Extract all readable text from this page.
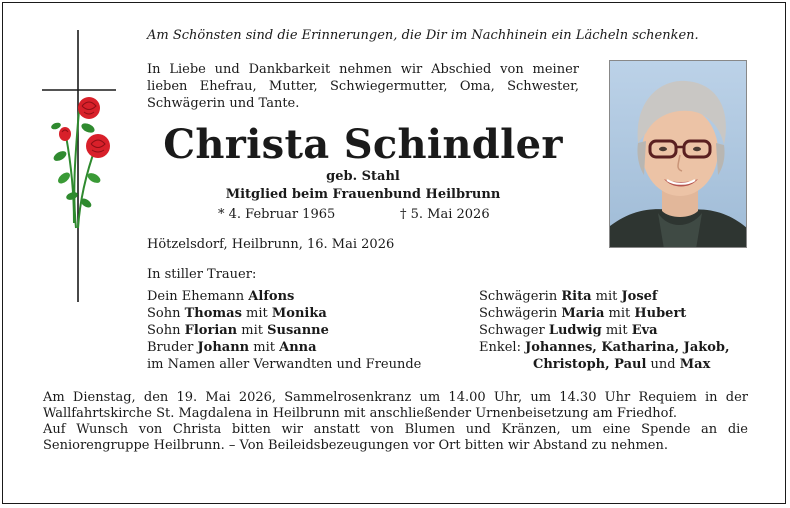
Am Schönsten sind die Erinnerungen, die Dir im Nachhinein ein Lächeln schenken.
In Liebe und Dankbarkeit nehmen wir Abschied von meiner lieben Ehefrau, Mutter, Schwiegermutter, Oma, Schwester, Schwägerin und Tante.
Christa Schindler
geb. Stahl
Mitglied beim Frauenbund Heilbrunn
* 4. Februar 1965	† 5. Mai 2026
Hötzelsdorf, Heilbrunn, 16. Mai 2026
In stiller Trauer:
Dein Ehemann Alfons
Sohn Thomas mit Monika
Sohn Florian mit Susanne
Bruder Johann mit Anna
im Namen aller Verwandten und Freunde
Schwägerin Rita mit Josef
Schwägerin Maria mit Hubert
Schwager Ludwig mit Eva
Enkel: Johannes, Katharina, Jakob,
Christoph, Paul und Max

Am Dienstag, den 19. Mai 2026, Sammelrosenkranz um 14.00 Uhr, um 14.30 Uhr Requiem in der Wallfahrtskirche St. Magdalena in Heilbrunn mit anschließender Urnenbeisetzung am Friedhof.

Auf Wunsch von Christa bitten wir anstatt von Blumen und Kränzen, um eine Spende an die Seniorengruppe Heilbrunn. – Von Beileidsbezeugungen vor Ort bitten wir Abstand zu nehmen.
